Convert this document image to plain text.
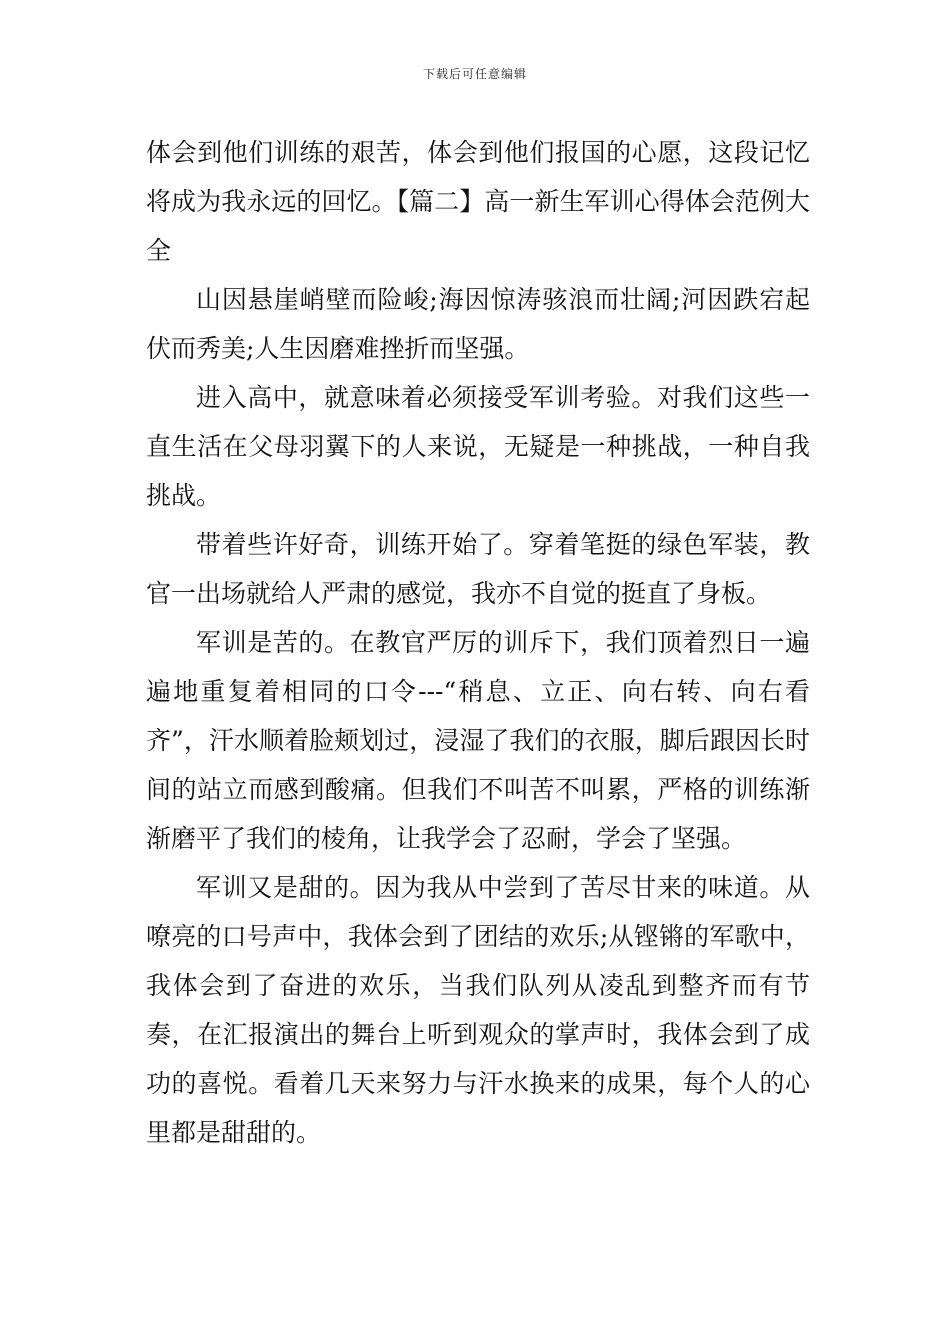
下载后可任意编辑

体会到他们训练的艰苦，体会到他们报国的心愿，这段记忆将成为我永远的回忆。【篇二】高一新生军训心得体会范例大全

山因悬崖峭壁而险峻;海因惊涛骇浪而壮阔;河因跌宕起伏而秀美;人生因磨难挫折而坚强。

进入高中，就意味着必须接受军训考验。对我们这些一直生活在父母羽翼下的人来说，无疑是一种挑战，一种自我挑战。

带着些许好奇，训练开始了。穿着笔挺的绿色军装，教官一出场就给人严肃的感觉，我亦不自觉的挺直了身板。

军训是苦的。在教官严厉的训斥下，我们顶着烈日一遍遍地重复着相同的口令---“稍息、立正、向右转、向右看齐”，汗水顺着脸颊划过，浸湿了我们的衣服，脚后跟因长时间的站立而感到酸痛。但我们不叫苦不叫累，严格的训练渐渐磨平了我们的棱角，让我学会了忍耐，学会了坚强。

军训又是甜的。因为我从中尝到了苦尽甘来的味道。从嘹亮的口号声中，我体会到了团结的欢乐;从铿锵的军歌中，我体会到了奋进的欢乐，当我们队列从凌乱到整齐而有节奏，在汇报演出的舞台上听到观众的掌声时，我体会到了成功的喜悦。看着几天来努力与汗水换来的成果，每个人的心里都是甜甜的。
